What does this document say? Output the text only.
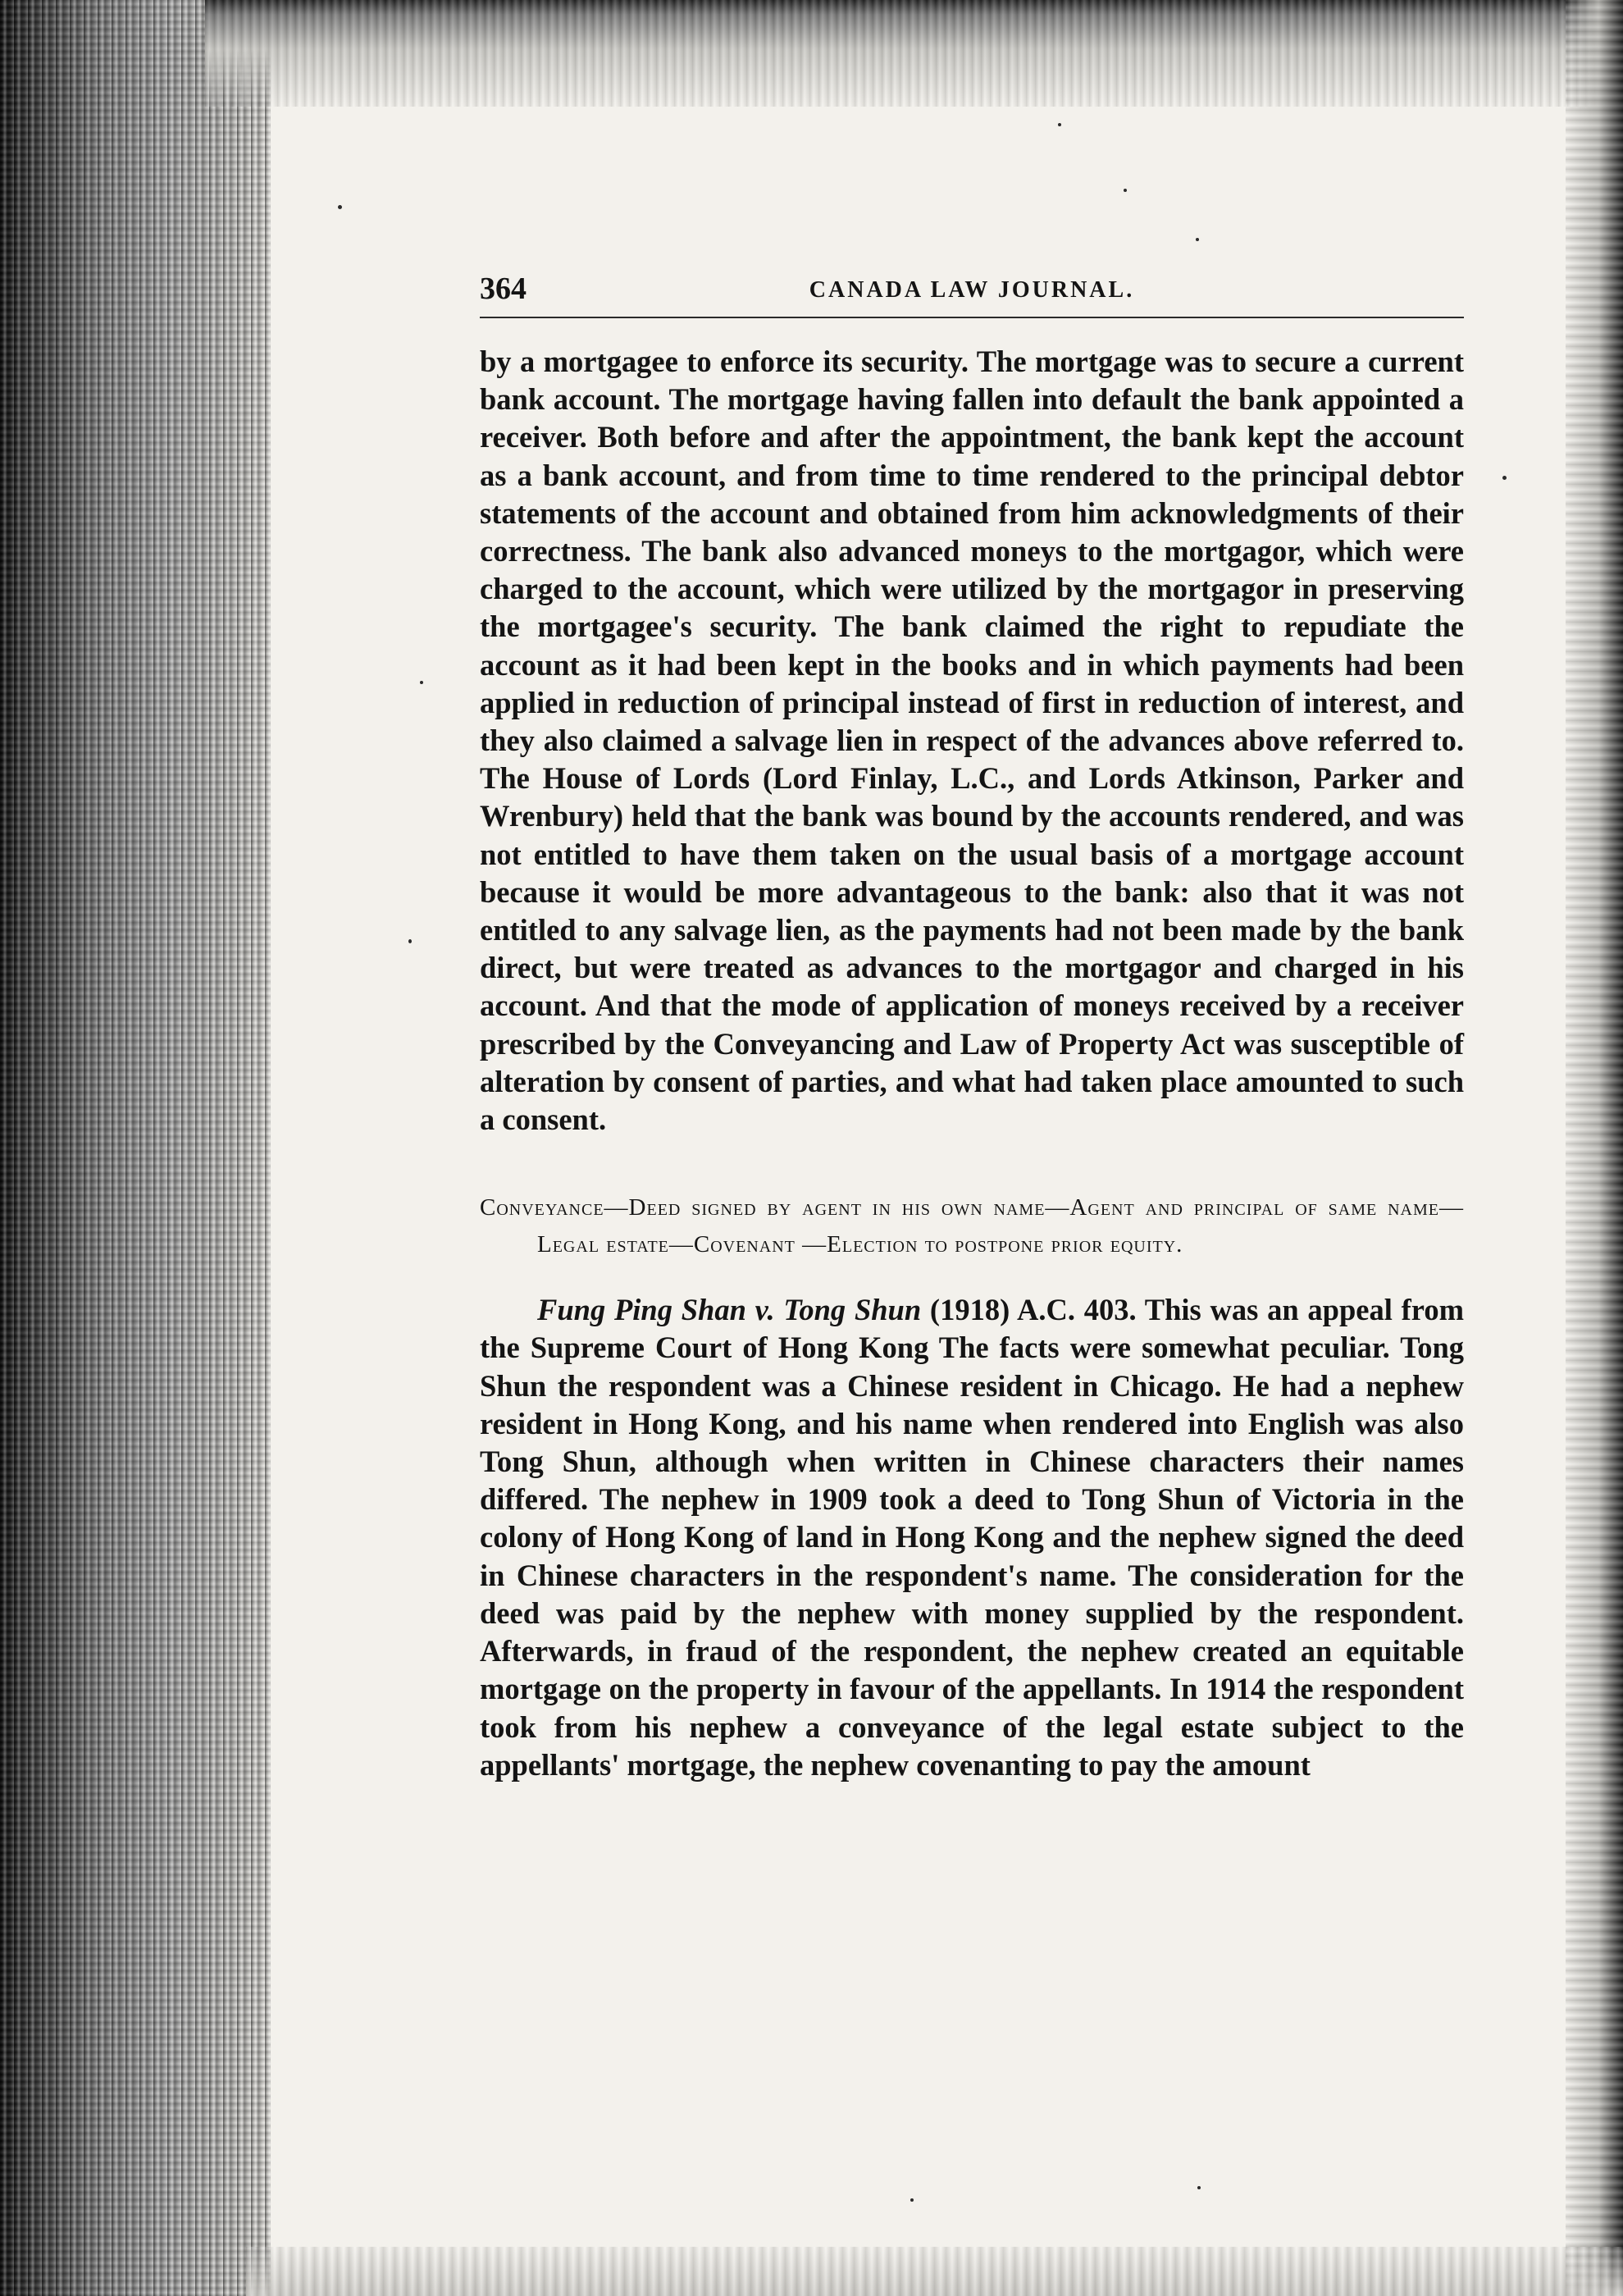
364	CANADA LAW JOURNAL.

by a mortgagee to enforce its security. The mortgage was to secure a current bank account. The mortgage having fallen into default the bank appointed a receiver. Both before and after the appointment, the bank kept the account as a bank account, and from time to time rendered to the principal debtor statements of the account and obtained from him acknowledgments of their correctness. The bank also advanced moneys to the mortgagor, which were charged to the account, which were utilized by the mortgagor in preserving the mortgagee's security. The bank claimed the right to repudiate the account as it had been kept in the books and in which payments had been applied in reduction of principal instead of first in reduction of interest, and they also claimed a salvage lien in respect of the advances above referred to. The House of Lords (Lord Finlay, L.C., and Lords Atkinson, Parker and Wrenbury) held that the bank was bound by the accounts rendered, and was not entitled to have them taken on the usual basis of a mortgage account because it would be more advantageous to the bank: also that it was not entitled to any salvage lien, as the payments had not been made by the bank direct, but were treated as advances to the mortgagor and charged in his account. And that the mode of application of moneys received by a receiver prescribed by the Conveyancing and Law of Property Act was susceptible of alteration by consent of parties, and what had taken place amounted to such a consent.

Conveyance—Deed signed by agent in his own name—Agent and principal of same name—Legal estate—Covenant —Election to postpone prior equity.

Fung Ping Shan v. Tong Shun (1918) A.C. 403. This was an appeal from the Supreme Court of Hong Kong The facts were somewhat peculiar. Tong Shun the respondent was a Chinese resident in Chicago. He had a nephew resident in Hong Kong, and his name when rendered into English was also Tong Shun, although when written in Chinese characters their names differed. The nephew in 1909 took a deed to Tong Shun of Victoria in the colony of Hong Kong of land in Hong Kong and the nephew signed the deed in Chinese characters in the respondent's name. The consideration for the deed was paid by the nephew with money supplied by the respondent. Afterwards, in fraud of the respondent, the nephew created an equitable mortgage on the property in favour of the appellants. In 1914 the respondent took from his nephew a conveyance of the legal estate subject to the appellants' mortgage, the nephew covenanting to pay the amount
